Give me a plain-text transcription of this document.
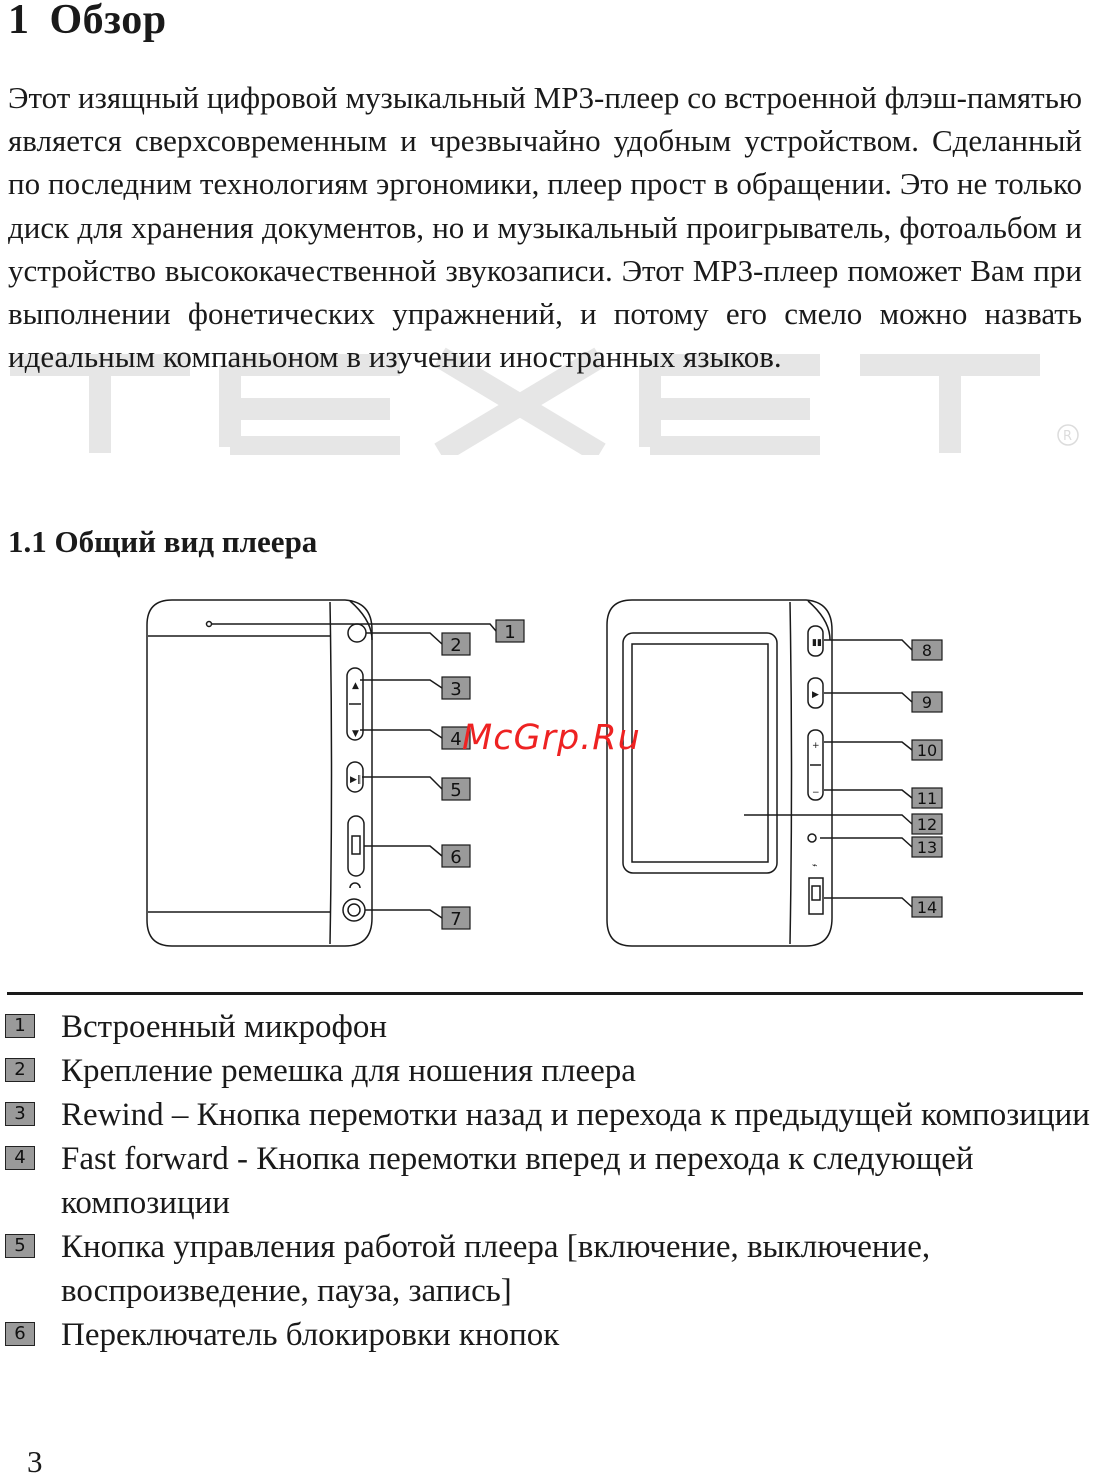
R
1 Обзор

Этот изящный цифровой музыкальный MP3-плеер со встроенной флэш-памятью является сверхсовременным и чрезвычайно удобным устройством. Сделанный по последним технологиям эргономики, плеер прост в обращении. Это не только диск для хранения документов, но и музыкальный проигрыватель, фотоальбом и устройство высококачественной звукозаписи. Этот MP3-плеер поможет Вам при выполнении фонетических упражнений, и потому его смело можно назвать идеальным компаньоном в изучении иностранных языков.

1.1 Общий вид плеера
▲
▼
▶‖
▮▮
▶
+
−
⌁
1
2
3
4
5
6
7
8
9
10
11
12
13
14
McGrp.Ru
1	Встроенный микрофон
2	Крепление ремешка для ношения плеера
3	Rewind – Кнопка перемотки назад и перехода к предыдущей композиции
4	Fast forward - Кнопка перемотки вперед и перехода к следующей композиции
5	Кнопка управления работой плеера [включение, выключение, воспроизведение, пауза, запись]
6	Переключатель блокировки кнопок
3
